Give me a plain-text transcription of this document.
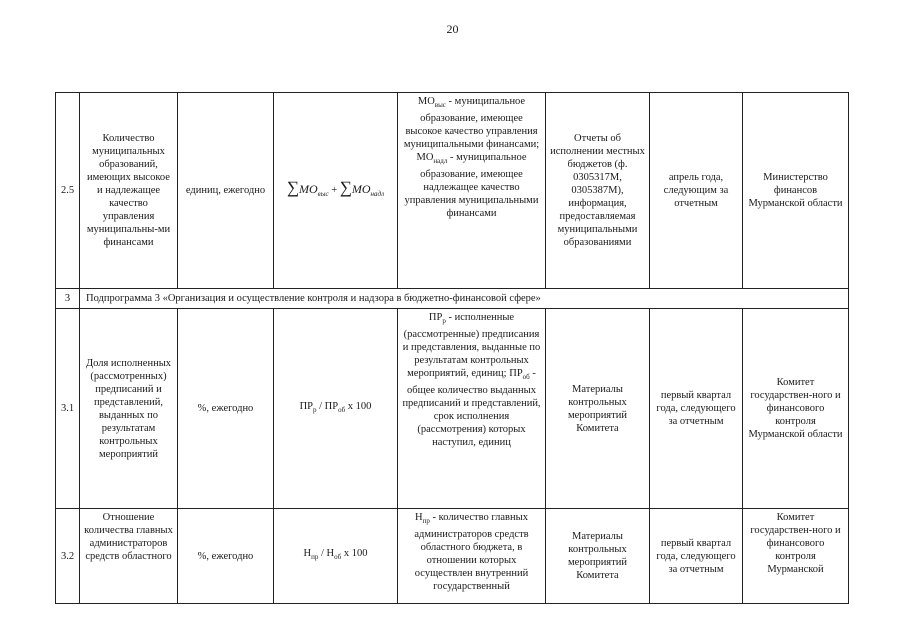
20
2.5	Количество муниципальных образований, имеющих высокое и надлежащее качество управления муниципальны-ми финансами	единиц, ежегодно	$\sum MO_{выс} + \sum MO_{надл}$	$МО_{выс}$ - муниципальное образование, имеющее высокое качество управления муниципальными финансами; $МО_{надл}$ - муниципальное образование, имеющее надлежащее качество управления муниципальными финансами	Отчеты об исполнении местных бюджетов (ф. 0305317М, 0305387М), информация, предоставляемая муниципальными образованиями	апрель года, следующим за отчетным	Министерство финансов Мурманской области
3	Подпрограмма 3 «Организация и осуществление контроля и надзора в бюджетно-финансовой сфере»						
3.1	Доля исполненных (рассмотренных) предписаний и представлений, выданных по результатам контрольных мероприятий	%, ежегодно	$ПР_р / ПР_{об}$ х 100	$ПР_р$ - исполненные (рассмотренные) предписания и представления, выданные по результатам контрольных мероприятий, единиц; $ПР_{об}$ - общее количество выданных предписаний и представлений, срок исполнения (рассмотрения) которых наступил, единиц	Материалы контрольных мероприятий Комитета	первый квартал года, следующего за отчетным	Комитет государствен-ного и финансового контроля Мурманской области
3.2	Отношение количества главных администраторов средств областного	%, ежегодно	$Н_{пр} / Н_{об}$ х 100	$Н_{пр}$ - количество главных администраторов средств областного бюджета, в отношении которых осуществлен внутренний государственный	Материалы контрольных мероприятий Комитета	первый квартал года, следующего за отчетным	Комитет государствен-ного и финансового контроля Мурманской
